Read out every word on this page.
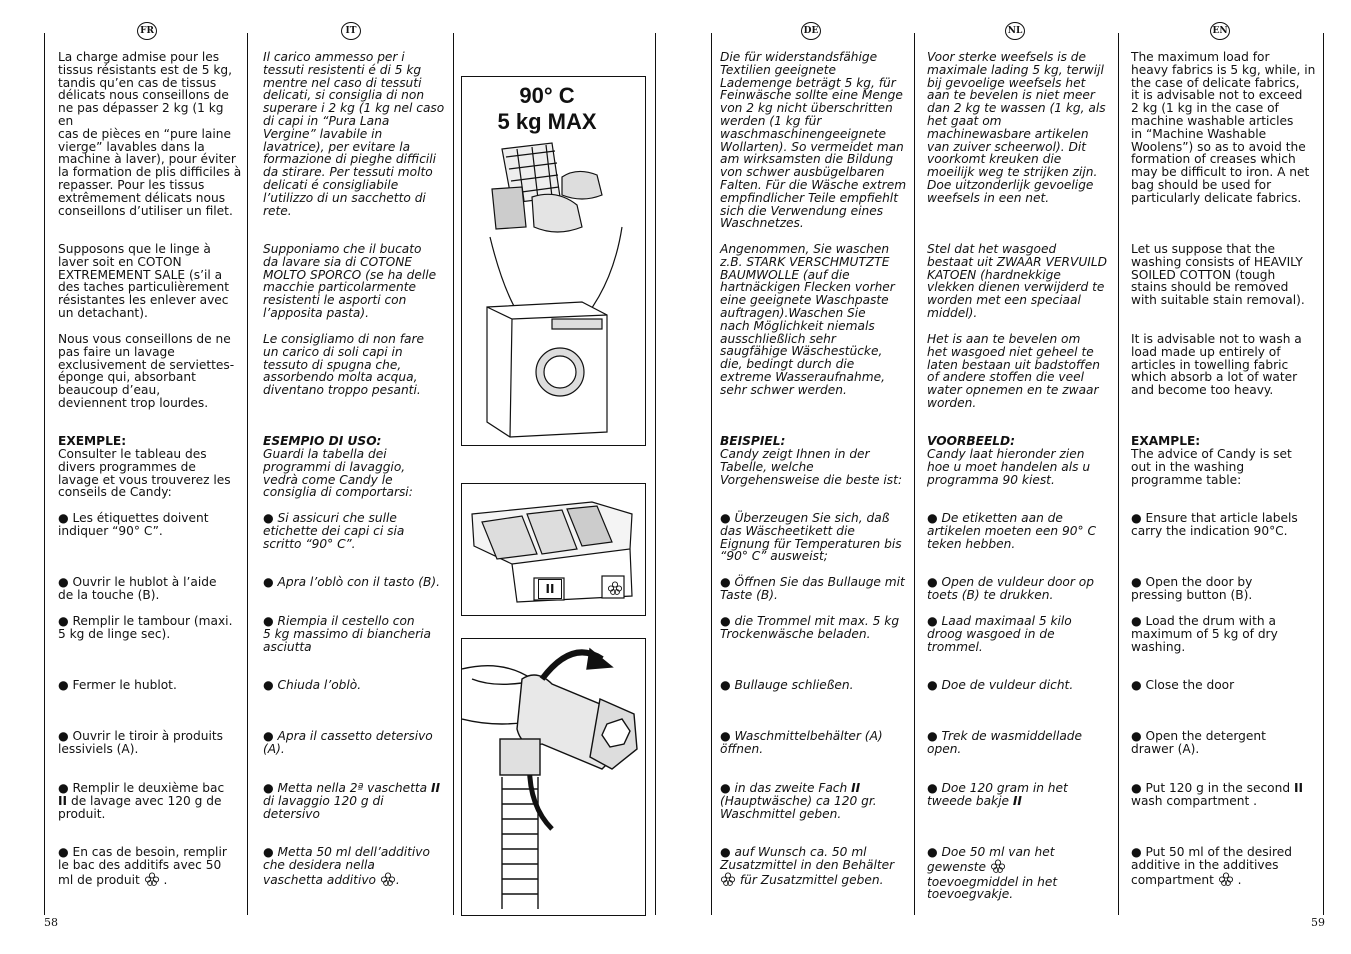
FR	IT	DE	NL	EN
58	59
La charge admise pour les
tissus résistants est de 5 kg,
tandis qu’en cas de tissus
délicats nous conseillons de
ne pas dépasser 2 kg (1 kg en
cas de pièces en “pure laine
vierge” lavables dans la
machine à laver), pour éviter
la formation de plis difficiles à
repasser. Pour les tissus
extrêmement délicats nous
conseillons d’utiliser un filet.
Supposons que le linge à
laver soit en COTON
EXTREMEMENT SALE (s’il a
des taches particulièrement
résistantes les enlever avec
un detachant).
Nous vous conseillons de ne
pas faire un lavage
exclusivement de serviettes-
éponge qui, absorbant
beaucoup d’eau,
deviennent trop lourdes.
EXEMPLE:
Consulter le tableau des
divers programmes de
lavage et vous trouverez les
conseils de Candy:
● Les étiquettes doivent
indiquer “90° C”.
● Ouvrir le hublot à l’aide
de la touche (B).
● Remplir le tambour (maxi.
5 kg de linge sec).
● Fermer le hublot.
● Ouvrir le tiroir à produits
lessiviels (A).
● Remplir le deuxième bac
II de lavage avec 120 g de
produit.
● En cas de besoin, remplir
le bac des additifs avec 50
ml de produit  .
Il carico ammesso per i
tessuti resistenti é di 5 kg
mentre nel caso di tessuti
delicati, si consiglia di non
superare i 2 kg (1 kg nel caso
di capi in “Pura Lana
Vergine” lavabile in
lavatrice), per evitare la
formazione di pieghe difficili
da stirare. Per tessuti molto
delicati é consigliabile
l’utilizzo di un sacchetto di
rete.
Supponiamo che il bucato
da lavare sia di COTONE
MOLTO SPORCO (se ha delle
macchie particolarmente
resistenti le asporti con
l’apposita pasta).
Le consigliamo di non fare
un carico di soli capi in
tessuto di spugna che,
assorbendo molta acqua,
diventano troppo pesanti.
ESEMPIO DI USO:
Guardi la tabella dei
programmi di lavaggio,
vedrà come Candy le
consiglia di comportarsi:
● Si assicuri che sulle
etichette dei capi ci sia
scritto “90° C”.
● Apra l’oblò con il tasto (B).
● Riempia il cestello con
5 kg massimo di biancheria
asciutta
● Chiuda l’oblò.
● Apra il cassetto detersivo
(A).
● Metta nella 2ª vaschetta II
di lavaggio 120 g di
detersivo
● Metta 50 ml dell’additivo
che desidera nella
vaschetta additivo .
Die für widerstandsfähige
Textilien geeignete
Lademenge beträgt 5 kg, für
Feinwäsche sollte eine Menge
von 2 kg nicht überschritten
werden (1 kg für
waschmaschinengeeignete
Wollarten). So vermeidet man
am wirksamsten die Bildung
von schwer ausbügelbaren
Falten. Für die Wäsche extrem
empfindlicher Teile empfiehlt
sich die Verwendung eines
Waschnetzes.
Angenommen, Sie waschen
z.B. STARK VERSCHMUTZTE
BAUMWOLLE (auf die
hartnäckigen Flecken vorher
eine geeignete Waschpaste
auftragen).Waschen Sie
nach Möglichkeit niemals
ausschließlich sehr
saugfähige Wäschestücke,
die, bedingt durch die
extreme Wasseraufnahme,
sehr schwer werden.
BEISPIEL:
Candy zeigt Ihnen in der
Tabelle, welche
Vorgehensweise die beste ist:
● Überzeugen Sie sich, daß
das Wäscheetikett die
Eignung für Temperaturen bis
“90° C” ausweist;
● Öffnen Sie das Bullauge mit
Taste (B).
● die Trommel mit max. 5 kg
Trockenwäsche beladen.
● Bullauge schließen.
● Waschmittelbehälter (A)
öffnen.
● in das zweite Fach II
(Hauptwäsche) ca 120 gr.
Waschmittel geben.
● auf Wunsch ca. 50 ml
Zusatzmittel in den Behälter
für Zusatzmittel geben.
Voor sterke weefsels is de
maximale lading 5 kg, terwijl
bij gevoelige weefsels het
aan te bevelen is niet meer
dan 2 kg te wassen (1 kg, als
het gaat om
machinewasbare artikelen
van zuiver scheerwol). Dit
voorkomt kreuken die
moeilijk weg te strijken zijn.
Doe uitzonderlijk gevoelige
weefsels in een net.
Stel dat het wasgoed
bestaat uit ZWAAR VERVUILD
KATOEN (hardnekkige
vlekken dienen verwijderd te
worden met een speciaal
middel).
Het is aan te bevelen om
het wasgoed niet geheel te
laten bestaan uit badstoffen
of andere stoffen die veel
water opnemen en te zwaar
worden.
VOORBEELD:
Candy laat hieronder zien
hoe u moet handelen als u
programma 90 kiest.
● De etiketten aan de
artikelen moeten een 90° C
teken hebben.
● Open de vuldeur door op
toets (B) te drukken.
● Laad maximaal 5 kilo
droog wasgoed in de
trommel.
● Doe de vuldeur dicht.
● Trek de wasmiddellade
open.
● Doe 120 gram in het
tweede bakje II
● Doe 50 ml van het
gewenste
toevoegmiddel in het
toevoegvakje.
The maximum load for
heavy fabrics is 5 kg, while, in
the case of delicate fabrics,
it is advisable not to exceed
2 kg (1 kg in the case of
machine washable articles
in “Machine Washable
Woolens”) so as to avoid the
formation of creases which
may be difficult to iron. A net
bag should be used for
particularly delicate fabrics.
Let us suppose that the
washing consists of HEAVILY
SOILED COTTON (tough
stains should be removed
with suitable stain removal).
It is advisable not to wash a
load made up entirely of
articles in towelling fabric
which absorb a lot of water
and become too heavy.
EXAMPLE:
The advice of Candy is set
out in the washing
programme table:
● Ensure that article labels
carry the indication 90°C.
● Open the door by
pressing button (B).
● Load the drum with a
maximum of 5 kg of dry
washing.
● Close the door
● Open the detergent
drawer (A).
● Put 120 g in the second II
wash compartment .
● Put 50 ml of the desired
additive in the additives
compartment  .
90° C
5 kg MAX
II
